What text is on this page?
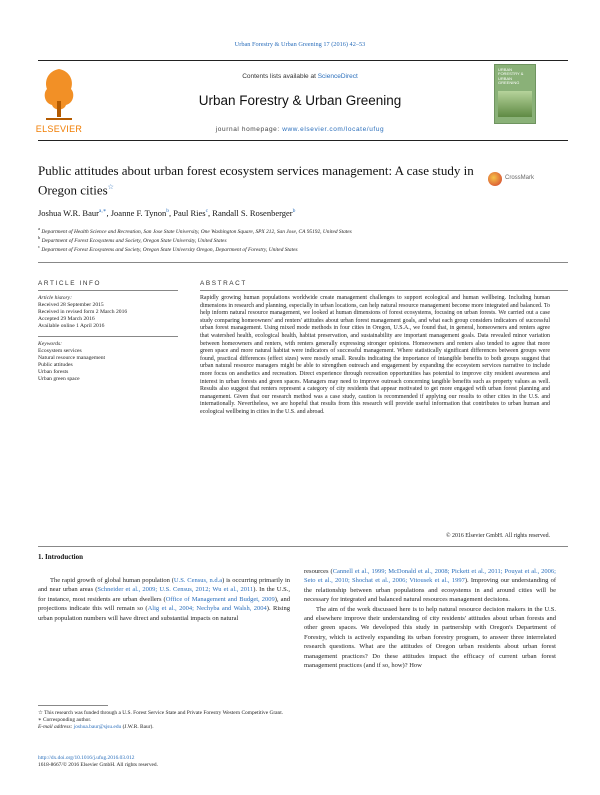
Urban Forestry & Urban Greening 17 (2016) 42–53
ELSEVIER
Contents lists available at ScienceDirect
Urban Forestry & Urban Greening
journal homepage: www.elsevier.com/locate/ufug
URBAN FORESTRY & URBAN GREENING
Public attitudes about urban forest ecosystem services management: A case study in Oregon cities☆
CrossMark
Joshua W.R. Baur$^{a,∗}$, Joanne F. Tynon$^b$, Paul Ries$^c$, Randall S. Rosenberger$^b$
$^a$ Department of Health Science and Recreation, San Jose State University, One Washington Square, SPX 212, San Jose, CA 95192, United States
$^b$ Department of Forest Ecosystems and Society, Oregon State University, United States
$^c$ Department of Forest Ecosystems and Society, Oregon State University Oregon, Department of Forestry, United States
ARTICLE INFO	ABSTRACT
Article history:
Received 28 September 2015
Received in revised form 2 March 2016
Accepted 29 March 2016
Available online 1 April 2016
Keywords:
Ecosystem services
Natural resource management
Public attitudes
Urban forests
Urban green space
Rapidly growing human populations worldwide create management challenges to support ecological and human wellbeing. Including human dimensions in research and planning, especially in urban locations, can help natural resource management become more integrated and balanced. To help inform natural resource management, we looked at human dimensions of forest ecosystems, focusing on urban forests. We carried out a case study comparing homeowners' and renters' attitudes about urban forest management goals, and what each group considers indicators of successful urban forest management. Using mixed mode methods in four cities in Oregon, U.S.A., we found that, in general, homeowners and renters agree that watershed health, ecological health, habitat preservation, and sustainability are important management goals. Data revealed minor variation between homeowners and renters, with renters generally expressing stronger opinions. Homeowners and renters also tended to agree that more green space and more natural habitat were indicators of successful management. Where statistically significant differences between groups were found, practical differences (effect sizes) were mostly small. Results indicating the importance of intangible benefits to both groups suggest that urban natural resource managers might be able to strengthen outreach and engagement by expanding the ecosystem services narrative to include more focus on aesthetics and recreation. Direct experience through recreation opportunities has potential to improve city resident awareness and interest in urban forests and green spaces. Managers may need to improve outreach concerning tangible benefits such as property values as well. Results also suggest that renters represent a category of city residents that appear motivated to get more engaged with urban forest planning and management. Given that our research method was a case study, caution is recommended if applying our results to other cities in the U.S. and internationally. Nevertheless, we are hopeful that results from this research will provide useful information that contributes to urban human and ecological wellbeing in cities in the U.S. and abroad.
© 2016 Elsevier GmbH. All rights reserved.
1. Introduction
The rapid growth of global human population (U.S. Census, n.d.a) is occurring primarily in and near urban areas (Schneider et al., 2009; U.S. Census, 2012; Wu et al., 2011). In the U.S., for instance, most residents are urban dwellers (Office of Management and Budget, 2009), and projections indicate this will remain so (Alig et al., 2004; Nechyba and Walsh, 2004). Rising urban population numbers will have direct and substantial impacts on natural
resources (Cannell et al., 1999; McDonald et al., 2008; Pickett et al., 2011; Pouyat et al., 2006; Seto et al., 2010; Shochat et al., 2006; Vitousek et al., 1997). Improving our understanding of the relationship between urban populations and ecosystems in and around cities will be necessary for integrated and balanced natural resources management decisions.
The aim of the work discussed here is to help natural resource decision makers in the U.S. and elsewhere improve their understanding of city residents' attitudes about urban forests and other green spaces. We developed this study in partnership with Oregon's Department of Forestry, which is actively expanding its urban forestry program, to answer three interrelated research questions. What are the attitudes of Oregon urban residents about urban forest management practices? Do these attitudes impact the efficacy of current urban forest management practices (and if so, how)? How
☆ This research was funded through a U.S. Forest Service State and Private Forestry Western Competitive Grant.
∗ Corresponding author.
E-mail address: joshua.baur@sjsu.edu (J.W.R. Baur).
http://dx.doi.org/10.1016/j.ufug.2016.03.012
1618-8667/© 2016 Elsevier GmbH. All rights reserved.
